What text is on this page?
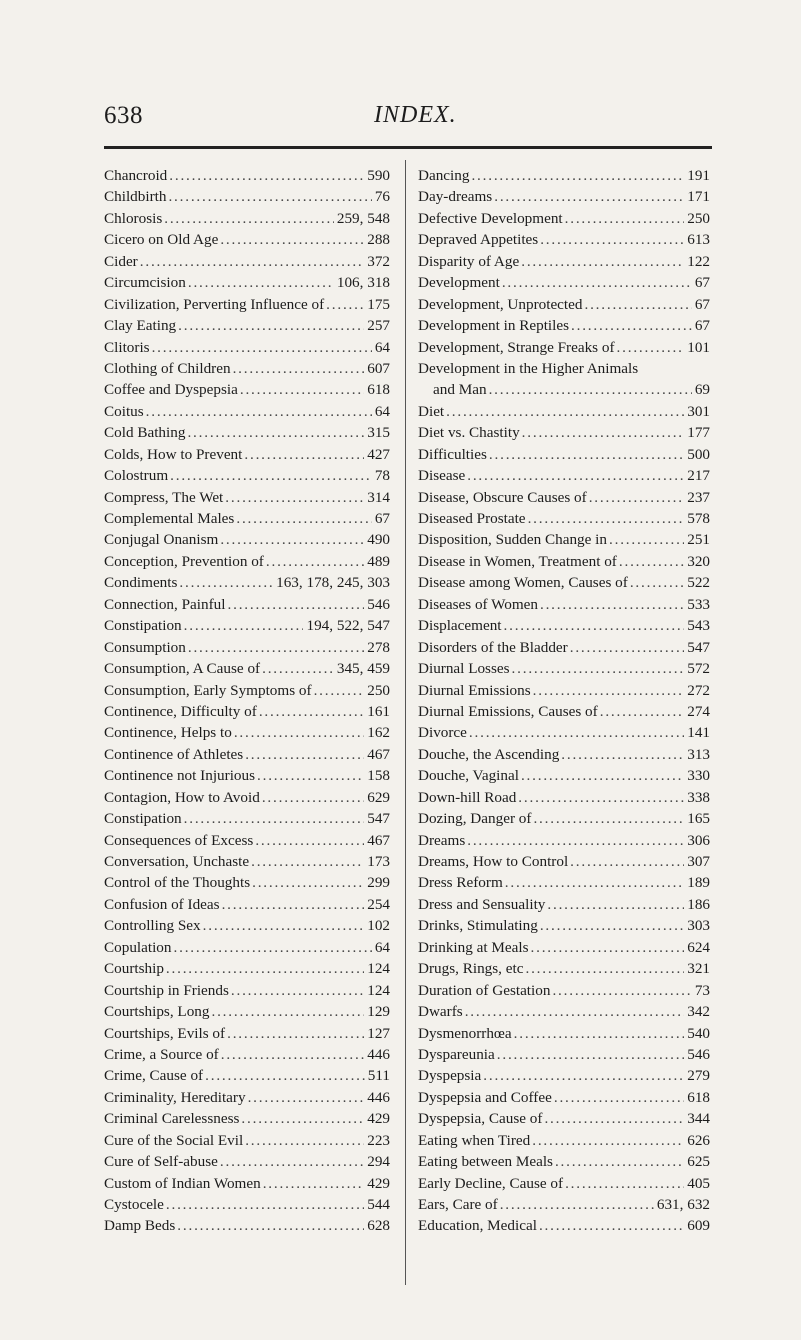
638	INDEX.
Chancroid . . .	590
Childbirth . . .	76
Chlorosis . . .	259, 548
Cicero on Old Age . . .	288
Cider . . .	372
Circumcision . . .	106, 318
Civilization, Perverting Influence of . . .	175
Clay Eating . . .	257
Clitoris . . .	64
Clothing of Children . . .	607
Coffee and Dyspepsia . . .	618
Coitus . . .	64
Cold Bathing . . .	315
Colds, How to Prevent . . .	427
Colostrum . . .	78
Compress, The Wet . . .	314
Complemental Males . . .	67
Conjugal Onanism . . .	490
Conception, Prevention of . . .	489
Condiments . . .	163, 178, 245, 303
Connection, Painful . . .	546
Constipation . . .	194, 522, 547
Consumption . . .	278
Consumption, A Cause of . . .	345, 459
Consumption, Early Symptoms of . . .	250
Continence, Difficulty of . . .	161
Continence, Helps to . . .	162
Continence of Athletes . . .	467
Continence not Injurious . . .	158
Contagion, How to Avoid . . .	629
Constipation . . .	547
Consequences of Excess . . .	467
Conversation, Unchaste . . .	173
Control of the Thoughts . . .	299
Confusion of Ideas . . .	254
Controlling Sex . . .	102
Copulation . . .	64
Courtship . . .	124
Courtship in Friends . . .	124
Courtships, Long . . .	129
Courtships, Evils of . . .	127
Crime, a Source of . . .	446
Crime, Cause of . . .	511
Criminality, Hereditary . . .	446
Criminal Carelessness . . .	429
Cure of the Social Evil . . .	223
Cure of Self-abuse . . .	294
Custom of Indian Women . . .	429
Cystocele . . .	544
Damp Beds . . .	628
Dancing . . .	191
Day-dreams . . .	171
Defective Development . . .	250
Depraved Appetites . . .	613
Disparity of Age . . .	122
Development . . .	67
Development, Unprotected . . .	67
Development in Reptiles . . .	67
Development, Strange Freaks of . . .	101
Development in the Higher Animals
and Man . . .	69
Diet . . .	301
Diet vs. Chastity . . .	177
Difficulties . . .	500
Disease . . .	217
Disease, Obscure Causes of . . .	237
Diseased Prostate . . .	578
Disposition, Sudden Change in . . .	251
Disease in Women, Treatment of . . .	320
Disease among Women, Causes of . . .	522
Diseases of Women . . .	533
Displacement . . .	543
Disorders of the Bladder . . .	547
Diurnal Losses . . .	572
Diurnal Emissions . . .	272
Diurnal Emissions, Causes of . . .	274
Divorce . . .	141
Douche, the Ascending . . .	313
Douche, Vaginal . . .	330
Down-hill Road . . .	338
Dozing, Danger of . . .	165
Dreams . . .	306
Dreams, How to Control . . .	307
Dress Reform . . .	189
Dress and Sensuality . . .	186
Drinks, Stimulating . . .	303
Drinking at Meals . . .	624
Drugs, Rings, etc . . .	321
Duration of Gestation . . .	73
Dwarfs . . .	342
Dysmenorrhœa . . .	540
Dyspareunia . . .	546
Dyspepsia . . .	279
Dyspepsia and Coffee . . .	618
Dyspepsia, Cause of . . .	344
Eating when Tired . . .	626
Eating between Meals . . .	625
Early Decline, Cause of . . .	405
Ears, Care of . . .	631, 632
Education, Medical . . .	609
